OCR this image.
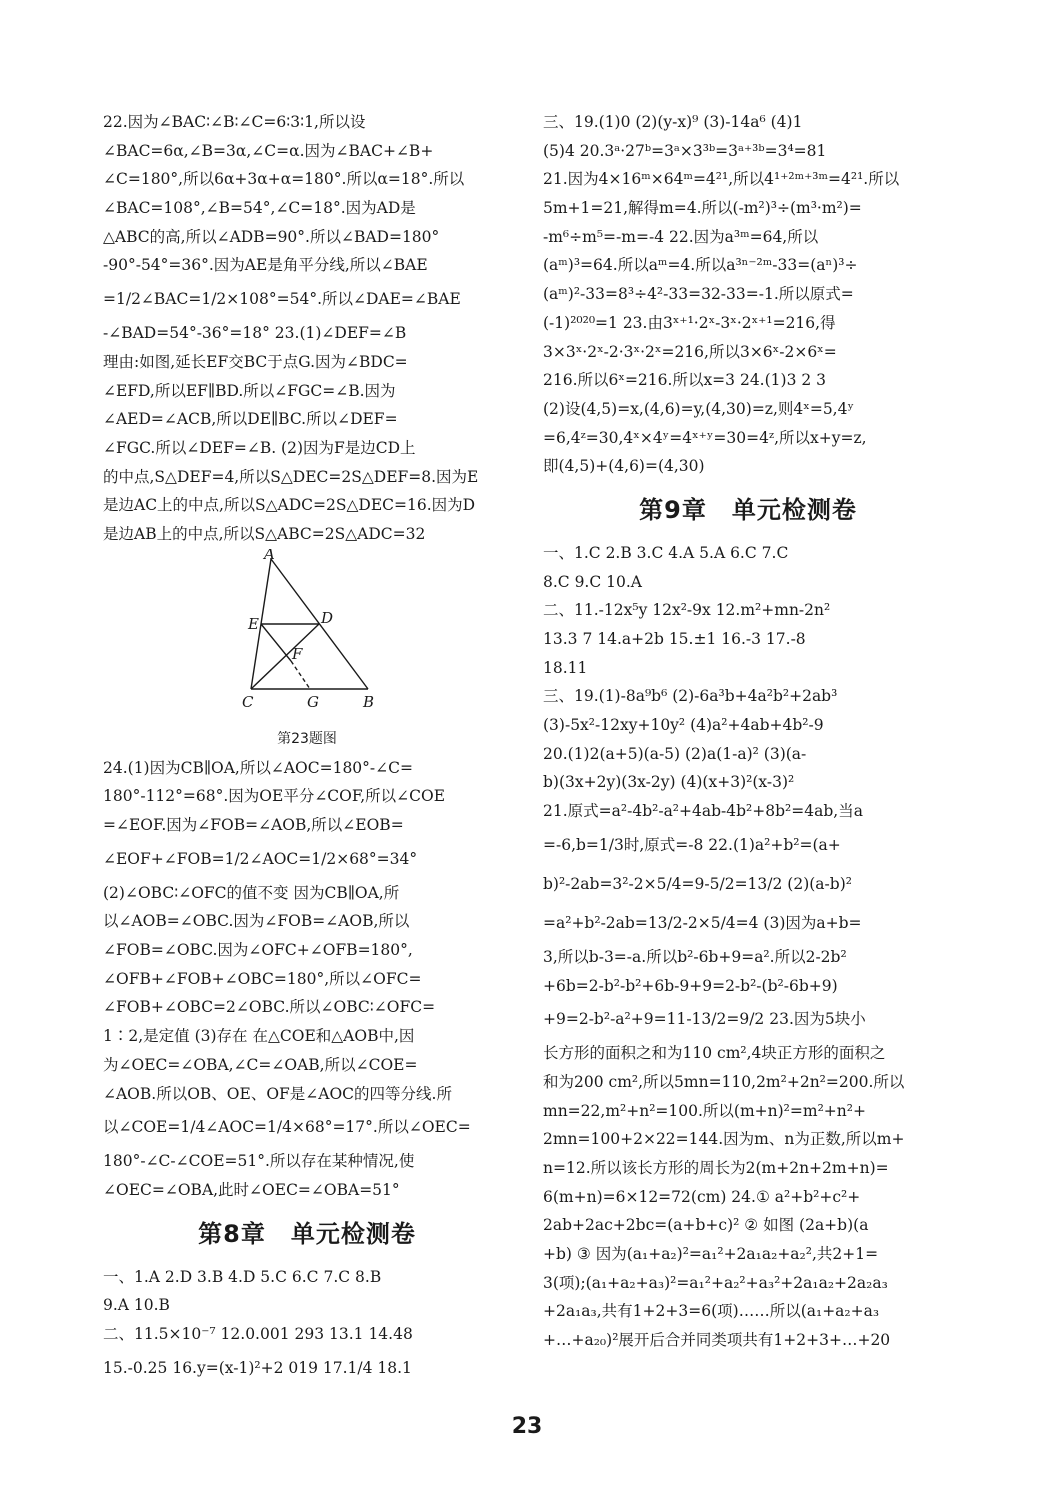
22.因为∠BAC∶∠B∶∠C=6∶3∶1,所以设
∠BAC=6α,∠B=3α,∠C=α.因为∠BAC+∠B+
∠C=180°,所以6α+3α+α=180°.所以α=18°.所以
∠BAC=108°,∠B=54°,∠C=18°.因为AD是
△ABC的高,所以∠ADB=90°.所以∠BAD=180°
-90°-54°=36°.因为AE是角平分线,所以∠BAE
=1/2∠BAC=1/2×108°=54°.所以∠DAE=∠BAE
-∠BAD=54°-36°=18° 23.(1)∠DEF=∠B
理由:如图,延长EF交BC于点G.因为∠BDC=
∠EFD,所以EF∥BD.所以∠FGC=∠B.因为
∠AED=∠ACB,所以DE∥BC.所以∠DEF=
∠FGC.所以∠DEF=∠B. (2)因为F是边CD上
的中点,S△DEF=4,所以S△DEC=2S△DEF=8.因为E
是边AC上的中点,所以S△ADC=2S△DEC=16.因为D
是边AB上的中点,所以S△ABC=2S△ADC=32
A
E	D
F
C	G	B
第23题图
24.(1)因为CB∥OA,所以∠AOC=180°-∠C=
180°-112°=68°.因为OE平分∠COF,所以∠COE
=∠EOF.因为∠FOB=∠AOB,所以∠EOB=
∠EOF+∠FOB=1/2∠AOC=1/2×68°=34°
(2)∠OBC∶∠OFC的值不变 因为CB∥OA,所
以∠AOB=∠OBC.因为∠FOB=∠AOB,所以
∠FOB=∠OBC.因为∠OFC+∠OFB=180°,
∠OFB+∠FOB+∠OBC=180°,所以∠OFC=
∠FOB+∠OBC=2∠OBC.所以∠OBC∶∠OFC=
1∶2,是定值 (3)存在 在△COE和△AOB中,因
为∠OEC=∠OBA,∠C=∠OAB,所以∠COE=
∠AOB.所以OB、OE、OF是∠AOC的四等分线.所
以∠COE=1/4∠AOC=1/4×68°=17°.所以∠OEC=
180°-∠C-∠COE=51°.所以存在某种情况,使
∠OEC=∠OBA,此时∠OEC=∠OBA=51°
第8章　单元检测卷
一、1.A 2.D 3.B 4.D 5.C 6.C 7.C 8.B
9.A 10.B
二、11.5×10⁻⁷ 12.0.001 293 13.1 14.48
15.-0.25 16.y=(x-1)²+2 019 17.1/4 18.1
三、19.(1)0 (2)(y-x)⁹ (3)-14a⁶ (4)1
(5)4 20.3ᵃ·27ᵇ=3ᵃ×3³ᵇ=3ᵃ⁺³ᵇ=3⁴=81
21.因为4×16ᵐ×64ᵐ=4²¹,所以4¹⁺²ᵐ⁺³ᵐ=4²¹.所以
5m+1=21,解得m=4.所以(-m²)³÷(m³·m²)=
-m⁶÷m⁵=-m=-4 22.因为a³ᵐ=64,所以
(aᵐ)³=64.所以aᵐ=4.所以a³ⁿ⁻²ᵐ-33=(aⁿ)³÷
(aᵐ)²-33=8³÷4²-33=32-33=-1.所以原式=
(-1)²⁰²⁰=1 23.由3ˣ⁺¹·2ˣ-3ˣ·2ˣ⁺¹=216,得
3×3ˣ·2ˣ-2·3ˣ·2ˣ=216,所以3×6ˣ-2×6ˣ=
216.所以6ˣ=216.所以x=3 24.(1)3 2 3
(2)设(4,5)=x,(4,6)=y,(4,30)=z,则4ˣ=5,4ʸ
=6,4ᶻ=30,4ˣ×4ʸ=4ˣ⁺ʸ=30=4ᶻ,所以x+y=z,
即(4,5)+(4,6)=(4,30)
第9章　单元检测卷
一、1.C 2.B 3.C 4.A 5.A 6.C 7.C
8.C 9.C 10.A
二、11.-12x⁵y 12x²-9x 12.m²+mn-2n²
13.3 7 14.a+2b 15.±1 16.-3 17.-8
18.11
三、19.(1)-8a⁹b⁶ (2)-6a³b+4a²b²+2ab³
(3)-5x²-12xy+10y² (4)a²+4ab+4b²-9
20.(1)2(a+5)(a-5) (2)a(1-a)² (3)(a-
b)(3x+2y)(3x-2y) (4)(x+3)²(x-3)²
21.原式=a²-4b²-a²+4ab-4b²+8b²=4ab,当a
=-6,b=1/3时,原式=-8 22.(1)a²+b²=(a+
b)²-2ab=3²-2×5/4=9-5/2=13/2 (2)(a-b)²
=a²+b²-2ab=13/2-2×5/4=4 (3)因为a+b=
3,所以b-3=-a.所以b²-6b+9=a².所以2-2b²
+6b=2-b²-b²+6b-9+9=2-b²-(b²-6b+9)
+9=2-b²-a²+9=11-13/2=9/2 23.因为5块小
长方形的面积之和为110 cm²,4块正方形的面积之
和为200 cm²,所以5mn=110,2m²+2n²=200.所以
mn=22,m²+n²=100.所以(m+n)²=m²+n²+
2mn=100+2×22=144.因为m、n为正数,所以m+
n=12.所以该长方形的周长为2(m+2n+2m+n)=
6(m+n)=6×12=72(cm) 24.① a²+b²+c²+
2ab+2ac+2bc=(a+b+c)² ② 如图 (2a+b)(a
+b) ③ 因为(a₁+a₂)²=a₁²+2a₁a₂+a₂²,共2+1=
3(项);(a₁+a₂+a₃)²=a₁²+a₂²+a₃²+2a₁a₂+2a₂a₃
+2a₁a₃,共有1+2+3=6(项)……所以(a₁+a₂+a₃
+…+a₂₀)²展开后合并同类项共有1+2+3+…+20
23
